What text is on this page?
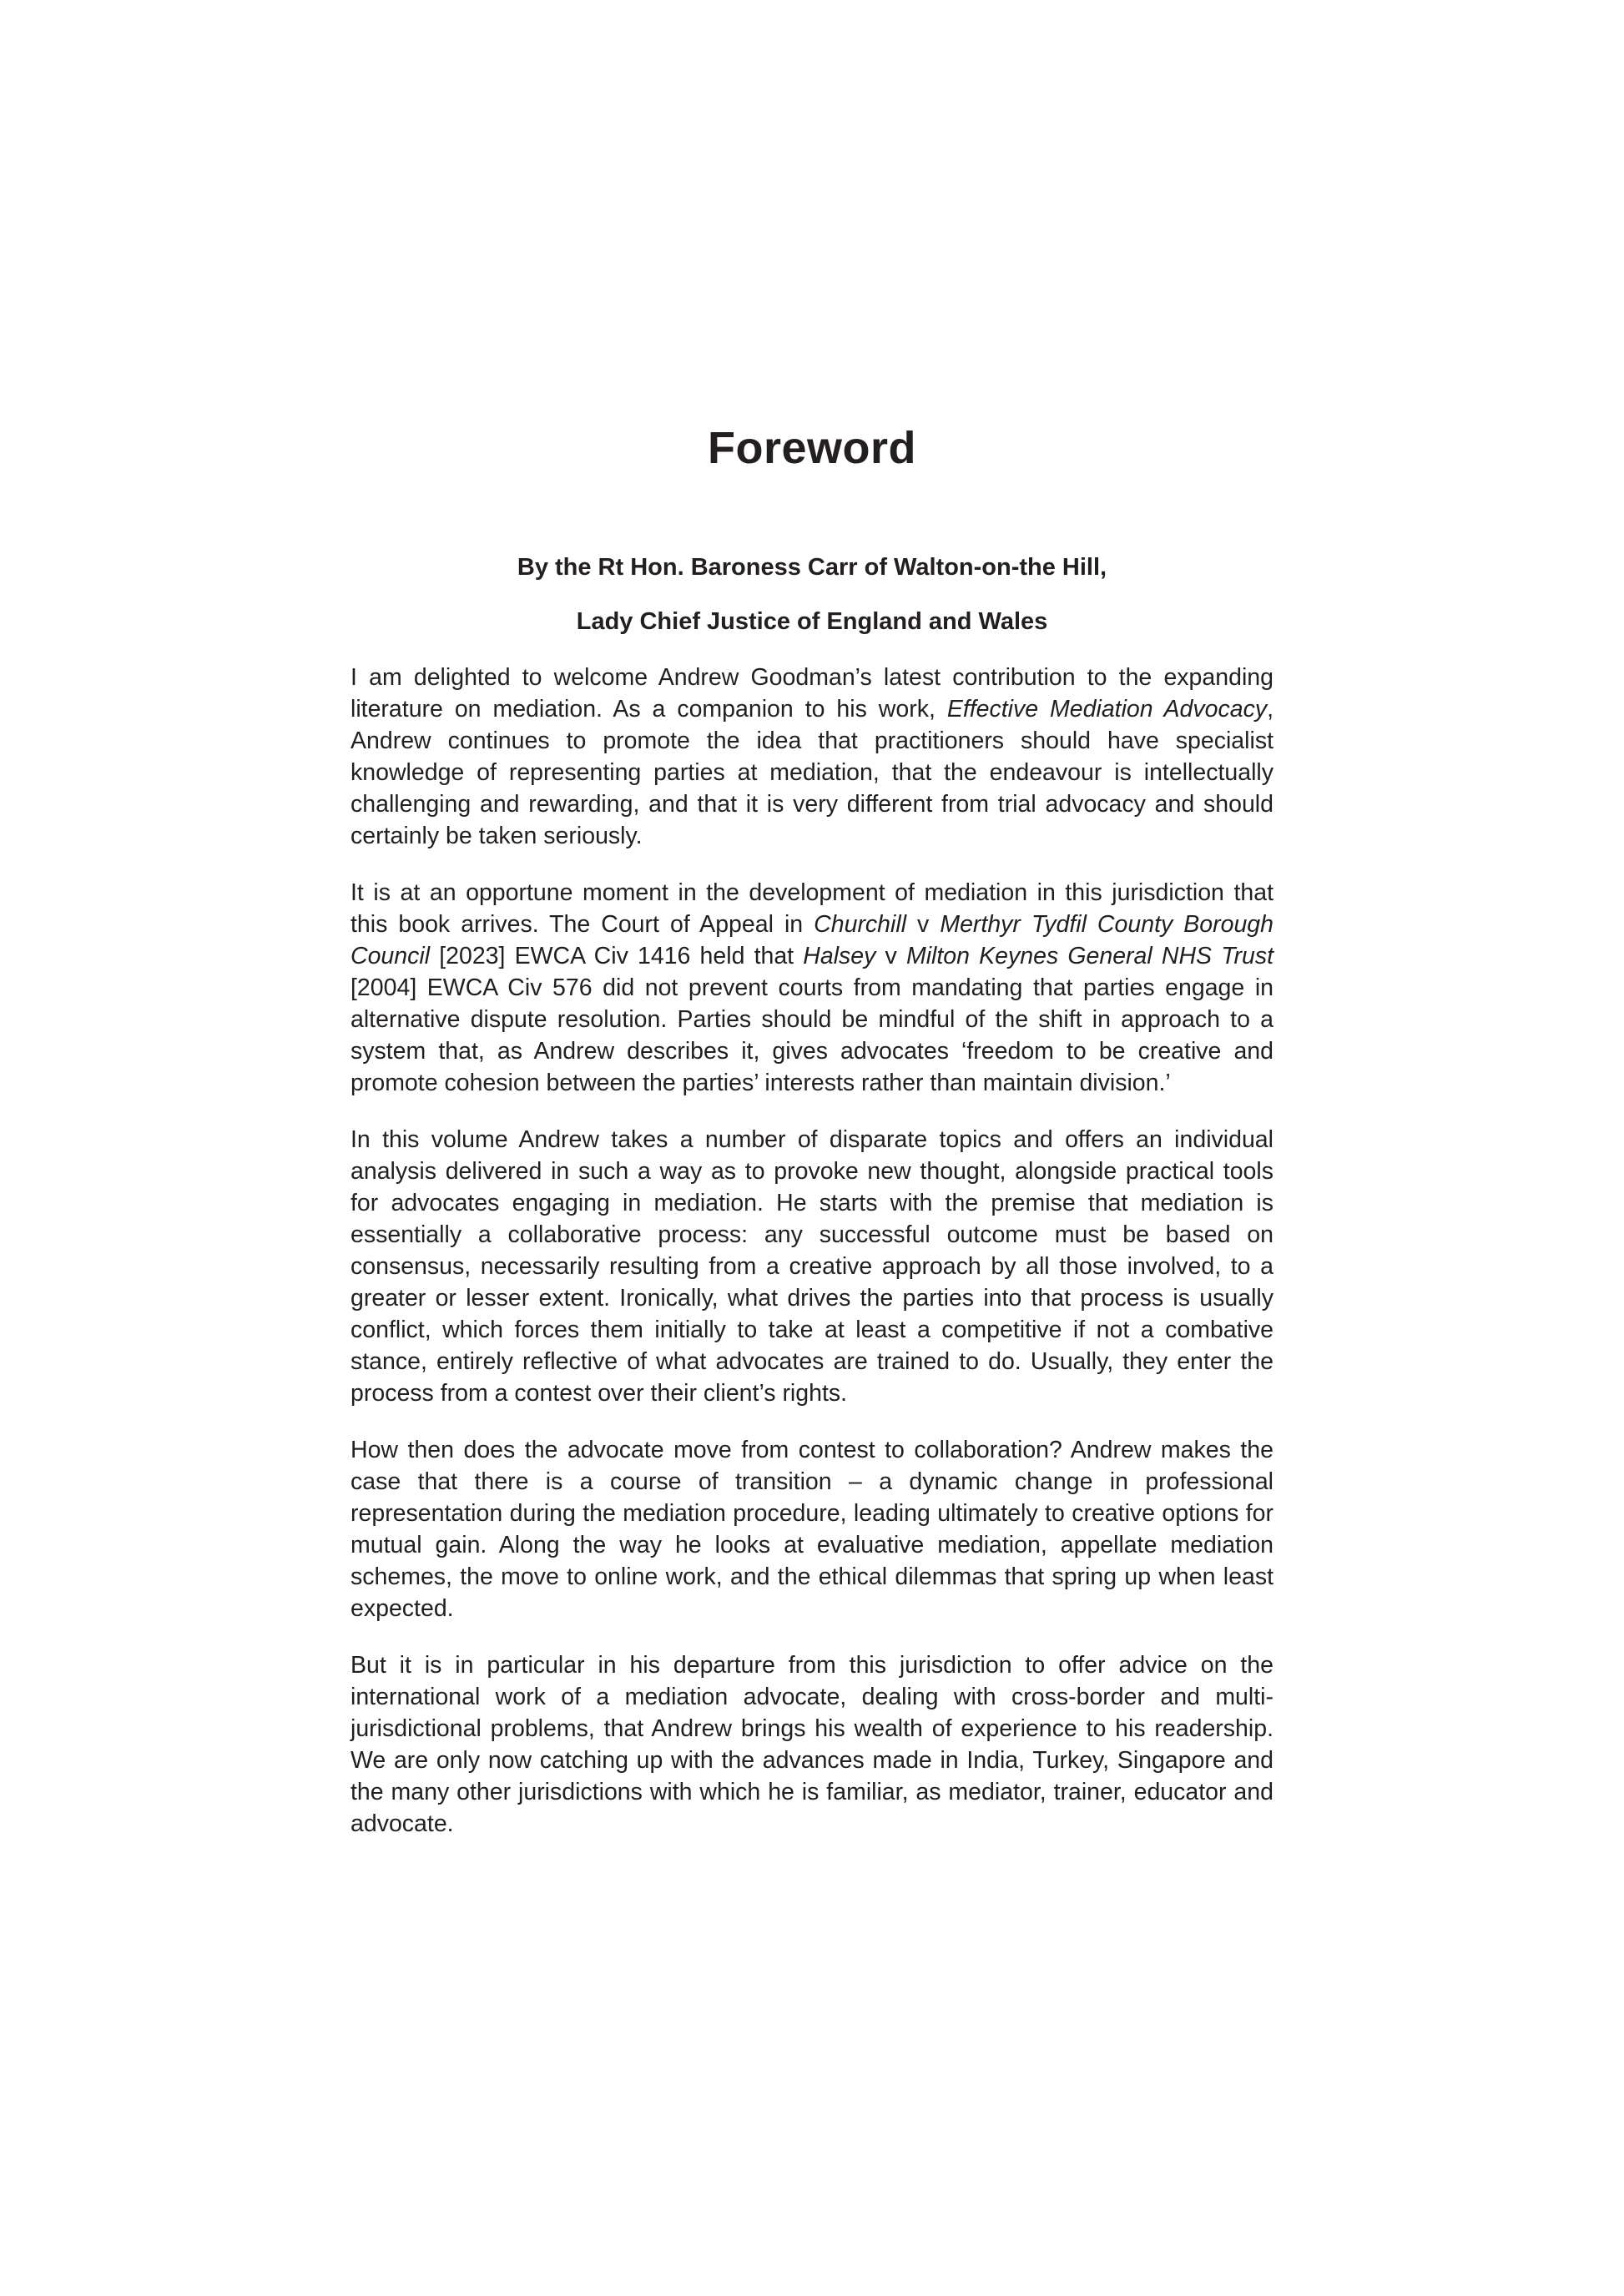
Foreword

By the Rt Hon. Baroness Carr of Walton-on-the Hill,

Lady Chief Justice of England and Wales

I am delighted to welcome Andrew Goodman’s latest contribution to the expanding literature on mediation. As a companion to his work, Effective Mediation Advocacy, Andrew continues to promote the idea that practitioners should have specialist knowledge of representing parties at mediation, that the endeavour is intellectually challenging and rewarding, and that it is very different from trial advocacy and should certainly be taken seriously.

It is at an opportune moment in the development of mediation in this jurisdiction that this book arrives. The Court of Appeal in Churchill v Merthyr Tydfil County Borough Council [2023] EWCA Civ 1416 held that Halsey v Milton Keynes General NHS Trust [2004] EWCA Civ 576 did not prevent courts from mandating that parties engage in alternative dispute resolution. Parties should be mindful of the shift in approach to a system that, as Andrew describes it, gives advocates ‘freedom to be creative and promote cohesion between the parties’ interests rather than maintain division.’

In this volume Andrew takes a number of disparate topics and offers an individual analysis delivered in such a way as to provoke new thought, alongside practical tools for advocates engaging in mediation. He starts with the premise that mediation is essentially a collaborative process: any successful outcome must be based on consensus, necessarily resulting from a creative approach by all those involved, to a greater or lesser extent. Ironically, what drives the parties into that process is usually conflict, which forces them initially to take at least a competitive if not a combative stance, entirely reflective of what advocates are trained to do. Usually, they enter the process from a contest over their client’s rights.

How then does the advocate move from contest to collaboration? Andrew makes the case that there is a course of transition – a dynamic change in professional representation during the mediation procedure, leading ultimately to creative options for mutual gain. Along the way he looks at evaluative mediation, appellate mediation schemes, the move to online work, and the ethical dilemmas that spring up when least expected.

But it is in particular in his departure from this jurisdiction to offer advice on the international work of a mediation advocate, dealing with cross-border and multi-jurisdictional problems, that Andrew brings his wealth of experience to his readership. We are only now catching up with the advances made in India, Turkey, Singapore and the many other jurisdictions with which he is familiar, as mediator, trainer, educator and advocate.
